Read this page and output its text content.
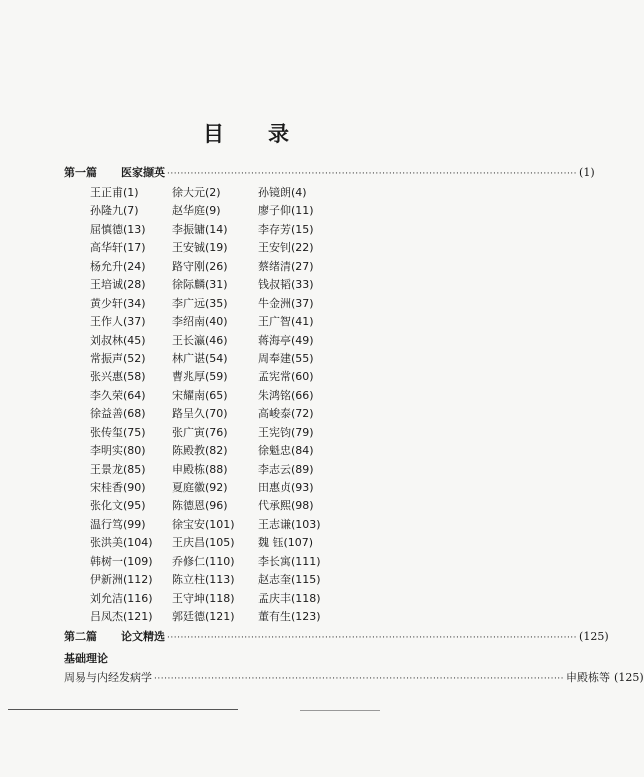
目 录
第一篇 医家撷英 ·························································································································· (1)
王正甫(1)	徐大元(2)	孙镜朗(4)
孙隆九(7)	赵华庭(9)	廖子仰(11)
屈慎德(13)	李振镛(14)	李存芳(15)
高华轩(17)	王安铖(19)	王安钊(22)
杨允升(24)	路守刚(26)	蔡绪清(27)
王培诚(28)	徐际麟(31)	钱叔韬(33)
黄少轩(34)	李广远(35)	牛金洲(37)
王作人(37)	李绍南(40)	王广智(41)
刘叔林(45)	王长瀛(46)	蒋海亭(49)
常振声(52)	林广谌(54)	周奉建(55)
张兴惠(58)	曹兆厚(59)	孟宪常(60)
李久荣(64)	宋耀南(65)	朱鸿铭(66)
徐益善(68)	路呈久(70)	高峻泰(72)
张传玺(75)	张广寅(76)	王宪钧(79)
李明实(80)	陈殿教(82)	徐魁忠(84)
王景龙(85)	申殿栋(88)	李志云(89)
宋桂香(90)	夏庭徽(92)	田惠贞(93)
张化文(95)	陈德恩(96)	代承熙(98)
温行笃(99)	徐宝安(101)	王志谦(103)
张洪美(104)	王庆昌(105)	魏 钰(107)
韩树一(109)	乔修仁(110)	李长寓(111)
伊新洲(112)	陈立柱(113)	赵志奎(115)
刘允洁(116)	王守坤(118)	孟庆丰(118)
吕凤杰(121)	郭廷德(121)	董有生(123)
第二篇 论文精选 ·························································································································· (125)
基础理论
周易与内经发病学 ·························································································································· 申殿栋等 (125)
